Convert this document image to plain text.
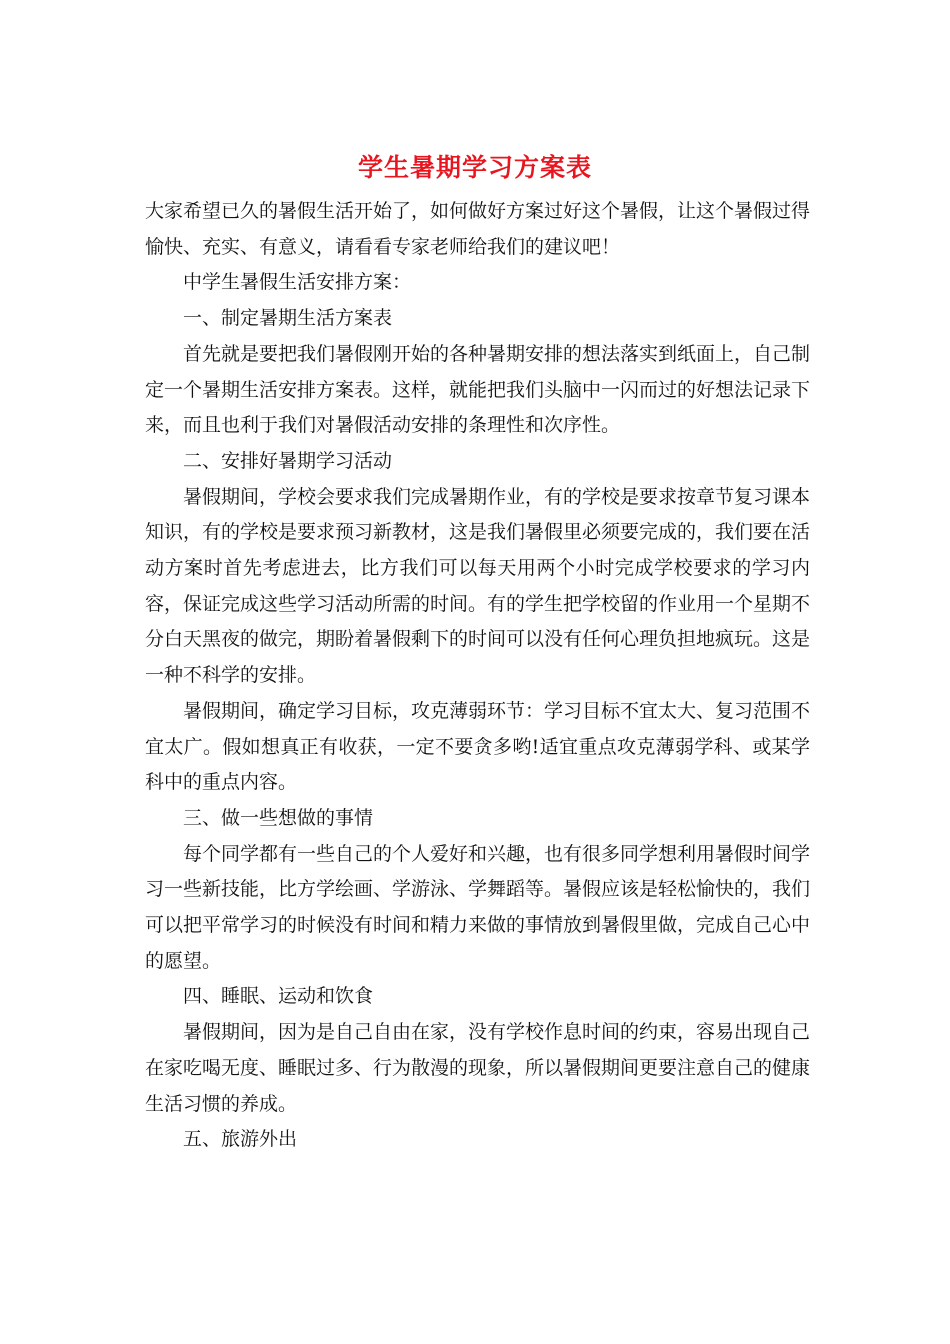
学生暑期学习方案表

大家希望已久的暑假生活开始了，如何做好方案过好这个暑假，让这个暑假过得愉快、充实、有意义，请看看专家老师给我们的建议吧！

中学生暑假生活安排方案：

一、制定暑期生活方案表

首先就是要把我们暑假刚开始的各种暑期安排的想法落实到纸面上，自己制定一个暑期生活安排方案表。这样，就能把我们头脑中一闪而过的好想法记录下来，而且也利于我们对暑假活动安排的条理性和次序性。

二、安排好暑期学习活动

暑假期间，学校会要求我们完成暑期作业，有的学校是要求按章节复习课本知识，有的学校是要求预习新教材，这是我们暑假里必须要完成的，我们要在活动方案时首先考虑进去，比方我们可以每天用两个小时完成学校要求的学习内容，保证完成这些学习活动所需的时间。有的学生把学校留的作业用一个星期不分白天黑夜的做完，期盼着暑假剩下的时间可以没有任何心理负担地疯玩。这是一种不科学的安排。

暑假期间，确定学习目标，攻克薄弱环节：学习目标不宜太大、复习范围不宜太广。假如想真正有收获，一定不要贪多哟!适宜重点攻克薄弱学科、或某学科中的重点内容。

三、做一些想做的事情

每个同学都有一些自己的个人爱好和兴趣，也有很多同学想利用暑假时间学习一些新技能，比方学绘画、学游泳、学舞蹈等。暑假应该是轻松愉快的，我们可以把平常学习的时候没有时间和精力来做的事情放到暑假里做，完成自己心中的愿望。

四、睡眠、运动和饮食

暑假期间，因为是自己自由在家，没有学校作息时间的约束，容易出现自己在家吃喝无度、睡眠过多、行为散漫的现象，所以暑假期间更要注意自己的健康生活习惯的养成。

五、旅游外出
